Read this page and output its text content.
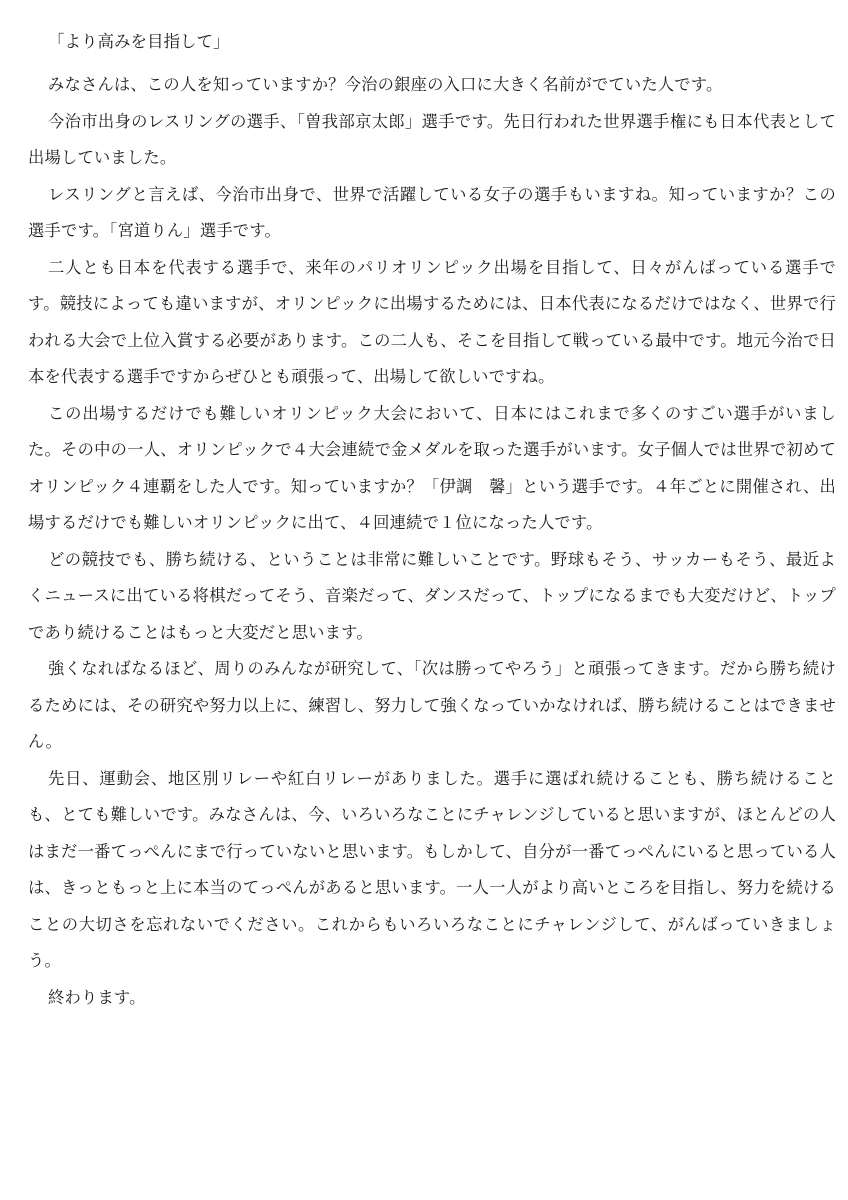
「より高みを目指して」

みなさんは、この人を知っていますか？今治の銀座の入口に大きく名前がでていた人です。

今治市出身のレスリングの選手、「曽我部京太郎」選手です。先日行われた世界選手権にも日本代表として出場していました。

レスリングと言えば、今治市出身で、世界で活躍している女子の選手もいますね。知っていますか？この選手です。「宮道りん」選手です。

二人とも日本を代表する選手で、来年のパリオリンピック出場を目指して、日々がんばっている選手です。競技によっても違いますが、オリンピックに出場するためには、日本代表になるだけではなく、世界で行われる大会で上位入賞する必要があります。この二人も、そこを目指して戦っている最中です。地元今治で日本を代表する選手ですからぜひとも頑張って、出場して欲しいですね。

この出場するだけでも難しいオリンピック大会において、日本にはこれまで多くのすごい選手がいました。その中の一人、オリンピックで４大会連続で金メダルを取った選手がいます。女子個人では世界で初めてオリンピック４連覇をした人です。知っていますか？「伊調　馨」という選手です。４年ごとに開催され、出場するだけでも難しいオリンピックに出て、４回連続で１位になった人です。

どの競技でも、勝ち続ける、ということは非常に難しいことです。野球もそう、サッカーもそう、最近よくニュースに出ている将棋だってそう、音楽だって、ダンスだって、トップになるまでも大変だけど、トップであり続けることはもっと大変だと思います。

強くなればなるほど、周りのみんなが研究して、「次は勝ってやろう」と頑張ってきます。だから勝ち続けるためには、その研究や努力以上に、練習し、努力して強くなっていかなければ、勝ち続けることはできません。

先日、運動会、地区別リレーや紅白リレーがありました。選手に選ばれ続けることも、勝ち続けることも、とても難しいです。みなさんは、今、いろいろなことにチャレンジしていると思いますが、ほとんどの人はまだ一番てっぺんにまで行っていないと思います。もしかして、自分が一番てっぺんにいると思っている人は、きっともっと上に本当のてっぺんがあると思います。一人一人がより高いところを目指し、努力を続けることの大切さを忘れないでください。これからもいろいろなことにチャレンジして、がんばっていきましょう。

終わります。
